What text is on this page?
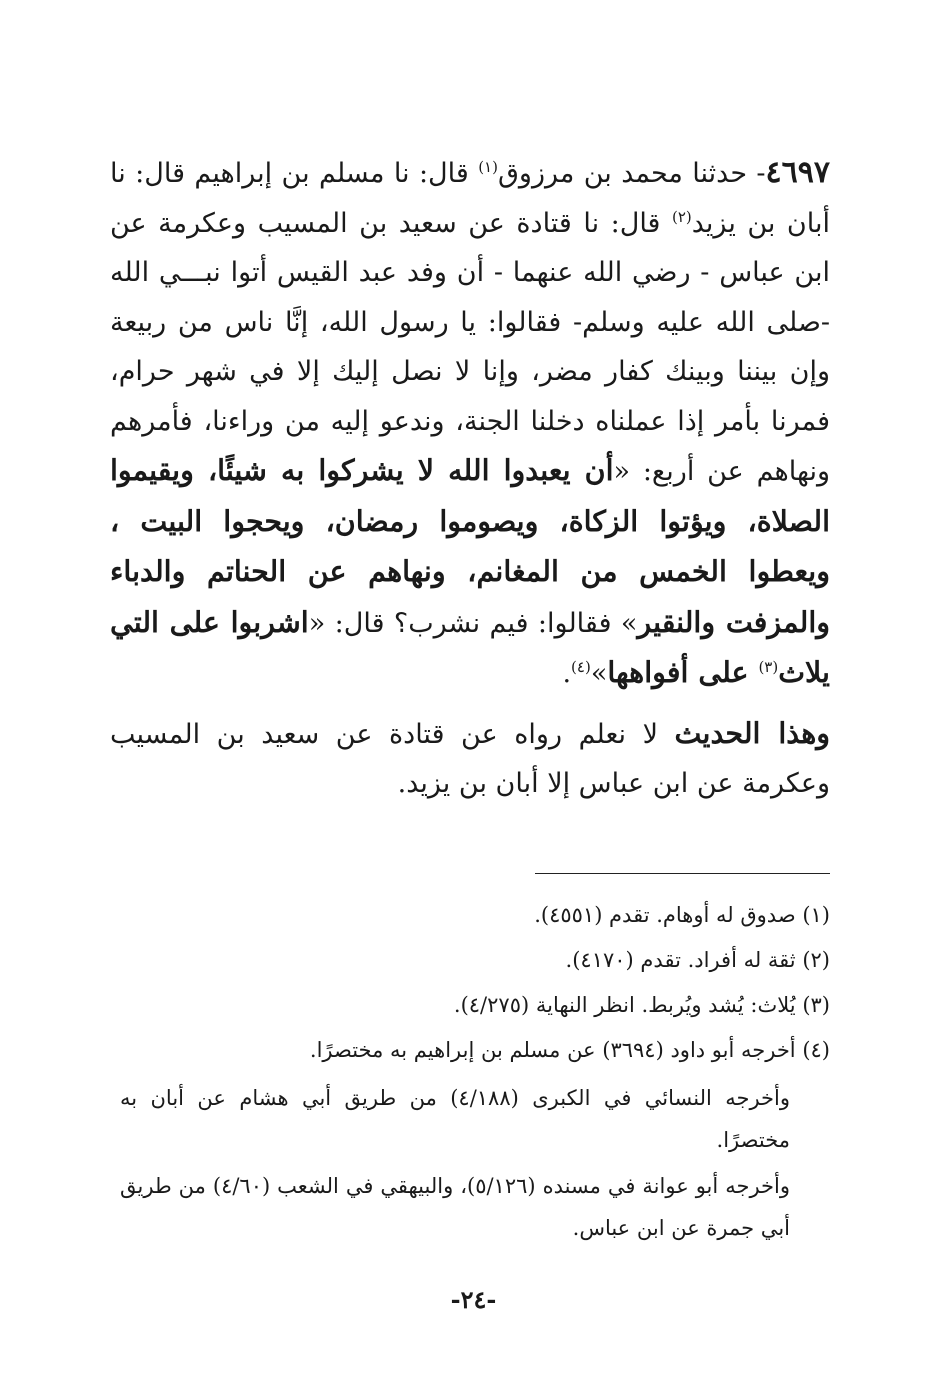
٤٦٩٧- حدثنا محمد بن مرزوق$^{(١)}$ قال: نا مسلم بن إبراهيم قال: نا أبان بن يزيد$^{(٢)}$ قال: نا قتادة عن سعيد بن المسيب وعكرمة عن ابن عباس - رضي الله عنهما - أن وفد عبد القيس أتوا نبـــي الله -صلى الله عليه وسلم- فقالوا: يا رسول الله، إنَّا ناس من ربيعة وإن بيننا وبينك كفار مضر، وإنا لا نصل إليك إلا في شهر حرام، فمرنا بأمر إذا عملناه دخلنا الجنة، وندعو إليه من وراءنا، فأمرهم ونهاهم عن أربع: «أن يعبدوا الله لا يشركوا به شيئًا، ويقيموا الصلاة، ويؤتوا الزكاة، ويصوموا رمضان، ويحجوا البيت ، ويعطوا الخمس من المغانم، ونهاهم عن الحناتم والدباء والمزفت والنقير» فقالوا: فيم نشرب؟ قال: «اشربوا على التي يلاث$^{(٣)}$ على أفواهها»$^{(٤)}$.

وهذا الحديث لا نعلم رواه عن قتادة عن سعيد بن المسيب وعكرمة عن ابن عباس إلا أبان بن يزيد.

(١) صدوق له أوهام. تقدم (٤٥٥١).

(٢) ثقة له أفراد. تقدم (٤١٧٠).

(٣) يُلاث: يُشد ويُربط. انظر النهاية (٤/٢٧٥).

(٤) أخرجه أبو داود (٣٦٩٤) عن مسلم بن إبراهيم به مختصرًا.

وأخرجه النسائي في الكبرى (٤/١٨٨) من طريق أبي هشام عن أبان به مختصرًا.

وأخرجه أبو عوانة في مسنده (٥/١٢٦)، والبيهقي في الشعب (٤/٦٠) من طريق أبي جمرة عن ابن عباس.

-٢٤-
